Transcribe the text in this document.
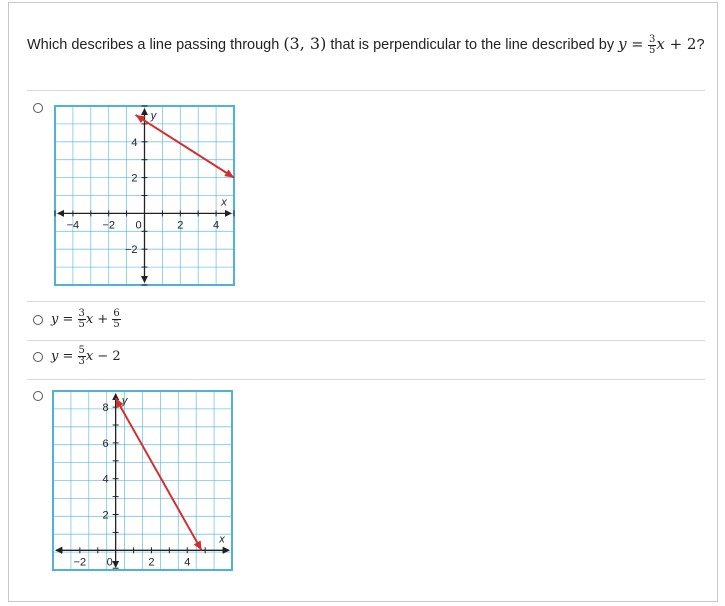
Which describes a line passing through (3, 3) that is perpendicular to the line described by $y = \frac{3}{5}$ x + 2?
−4 −2 0	2	4
4
2
−2
x
y
$y = \frac{3}{5}$ $x + \frac{6}{5}$
$y = \frac{5}{3}$ x − 2
−2 0	2	4
8
6
4
2
x
y
